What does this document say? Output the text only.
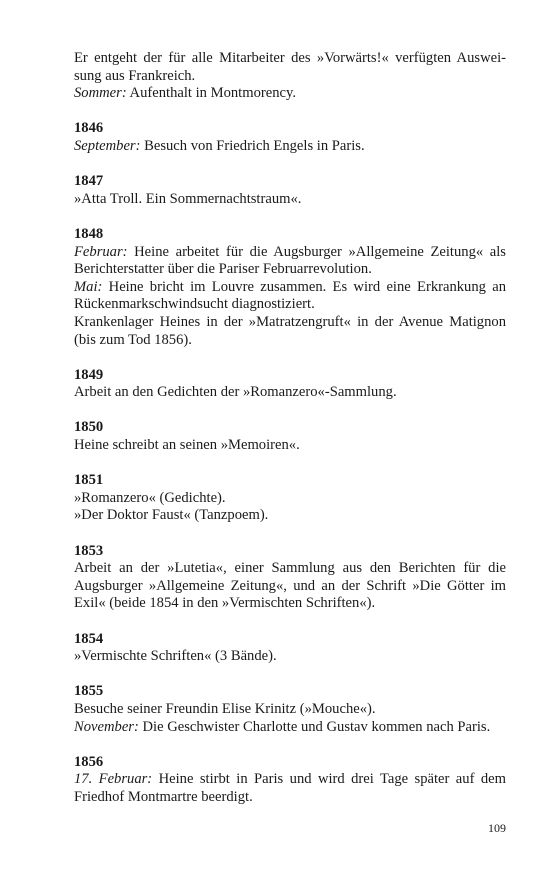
Er entgeht der für alle Mitarbeiter des »Vorwärts!« verfügten Auswei-
sung aus Frankreich.
Sommer: Aufenthalt in Montmorency.

1846
September: Besuch von Friedrich Engels in Paris.
1847
»Atta Troll. Ein Sommernachtstraum«.
1848
Februar: Heine arbeitet für die Augsburger »Allgemeine Zeitung« als Berichterstatter über die Pariser Februarrevolution.
Mai: Heine bricht im Louvre zusammen. Es wird eine Erkrankung an Rückenmarkschwindsucht diagnostiziert.
Krankenlager Heines in der »Matratzengruft« in der Avenue Matignon (bis zum Tod 1856).
1849
Arbeit an den Gedichten der »Romanzero«-Sammlung.
1850
Heine schreibt an seinen »Memoiren«.
1851
»Romanzero« (Gedichte).
»Der Doktor Faust« (Tanzpoem).
1853
Arbeit an der »Lutetia«, einer Sammlung aus den Berichten für die Augsburger »Allgemeine Zeitung«, und an der Schrift »Die Götter im Exil« (beide 1854 in den »Vermischten Schriften«).
1854
»Vermischte Schriften« (3 Bände).
1855
Besuche seiner Freundin Elise Krinitz (»Mouche«).
November: Die Geschwister Charlotte und Gustav kommen nach Paris.
1856
17. Februar: Heine stirbt in Paris und wird drei Tage später auf dem Friedhof Montmartre beerdigt.
109
